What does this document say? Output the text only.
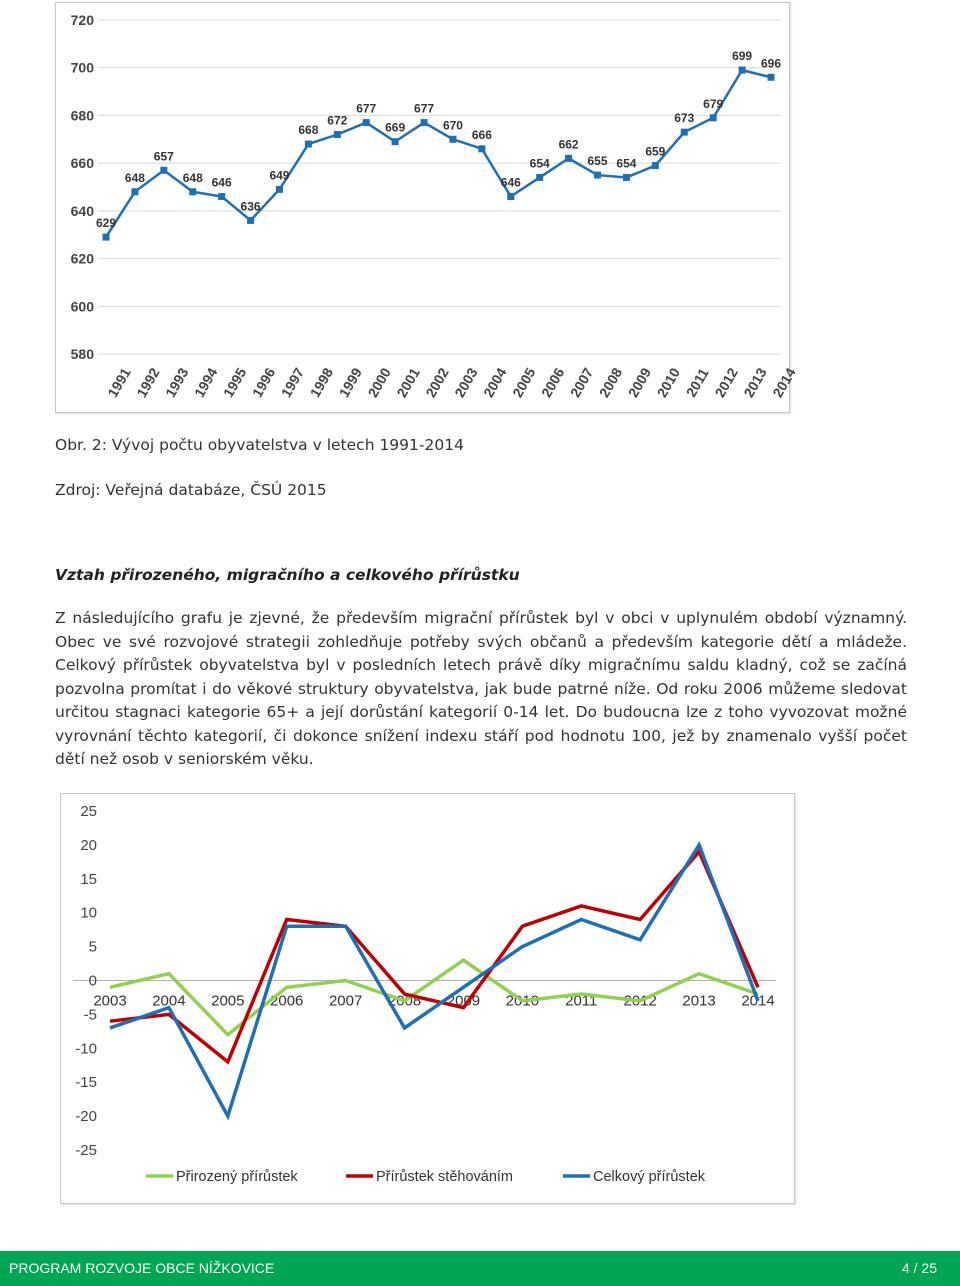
580
600
620
640
660
680
700
720
1991 1992 1993 1994 1995 1996 1997 1998 1999 2000 2001 2002 2003 2004 2005 2006 2007 2008 2009 2010 2011 2012 2013 2014
629
648
657
648 646
636
649
668
672
677
669
677
670
666
646
654
662
655 654
659
673
679
699
696
Obr. 2: Vývoj počtu obyvatelstva v letech 1991-2014
Zdroj: Veřejná databáze, ČSÚ 2015
Vztah přirozeného, migračního a celkového přírůstku
Z následujícího grafu je zjevné, že především migrační přírůstek byl v obci v uplynulém období významný. Obec ve své rozvojové strategii zohledňuje potřeby svých občanů a především kategorie dětí a mládeže. Celkový přírůstek obyvatelstva byl v posledních letech právě díky migračnímu saldu kladný, což se začíná pozvolna promítat i do věkové struktury obyvatelstva, jak bude patrné níže. Od roku 2006 můžeme sledovat určitou stagnaci kategorie 65+ a její dorůstání kategorií 0-14 let. Do budoucna lze z toho vyvozovat možné vyrovnání těchto kategorií, či dokonce snížení indexu stáří pod hodnotu 100, jež by znamenalo vyšší počet dětí než osob v seniorském věku.
25
20
15
10
5
0
-5
-10
-15
-20
-25
2003 2004 2005 2006 2007 2008 2009 2010 2011 2012 2013 2014
Přirozený přírůstek	Přírůstek stěhováním	Celkový přírůstek
PROGRAM ROZVOJE OBCE NÍŽKOVICE	4 / 25
